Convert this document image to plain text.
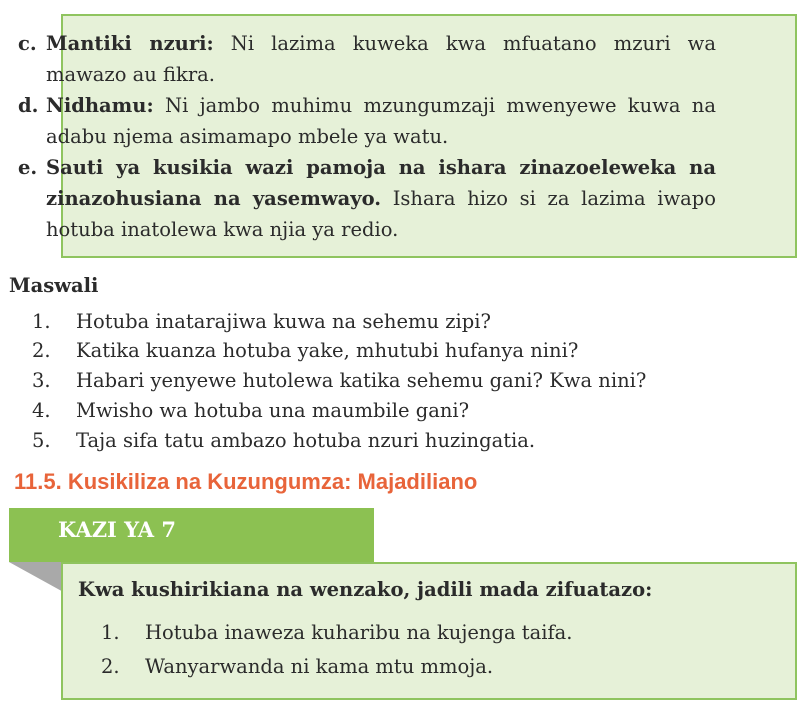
c. Mantiki nzuri: Ni lazima kuweka kwa mfuatano mzuri wa
mawazo au fikra.
d. Nidhamu: Ni jambo muhimu mzungumzaji mwenyewe kuwa na
adabu njema asimamapo mbele ya watu.
e. Sauti ya kusikia wazi pamoja na ishara zinazoeleweka na
zinazohusiana na yasemwayo. Ishara hizo si za lazima iwapo
hotuba inatolewa kwa njia ya redio.
Maswali
1. Hotuba inatarajiwa kuwa na sehemu zipi?
2. Katika kuanza hotuba yake, mhutubi hufanya nini?
3. Habari yenyewe hutolewa katika sehemu gani? Kwa nini?
4. Mwisho wa hotuba una maumbile gani?
5. Taja sifa tatu ambazo hotuba nzuri huzingatia.
11.5. Kusikiliza na Kuzungumza: Majadiliano
KAZI YA 7
Kwa kushirikiana na wenzako, jadili mada zifuatazo:
1. Hotuba inaweza kuharibu na kujenga taifa.
2. Wanyarwanda ni kama mtu mmoja.
